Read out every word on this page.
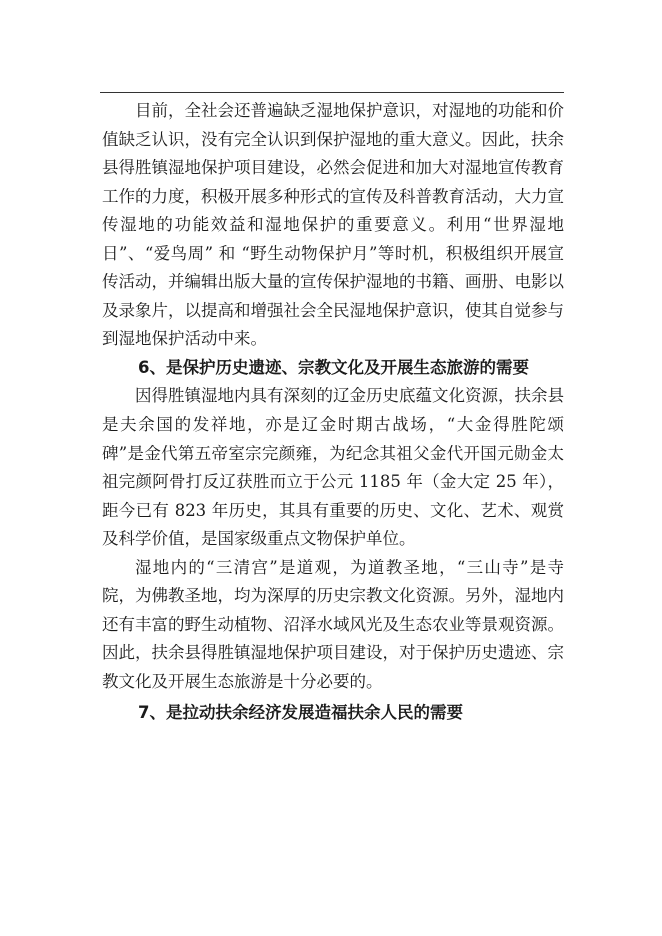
目前，全社会还普遍缺乏湿地保护意识，对湿地的功能和价值缺乏认识，没有完全认识到保护湿地的重大意义。因此，扶余县得胜镇湿地保护项目建设，必然会促进和加大对湿地宣传教育工作的力度，积极开展多种形式的宣传及科普教育活动，大力宣传湿地的功能效益和湿地保护的重要意义。利用“世界湿地日”、“爱鸟周” 和 “野生动物保护月”等时机，积极组织开展宣传活动，并编辑出版大量的宣传保护湿地的书籍、画册、电影以及录象片，以提高和增强社会全民湿地保护意识，使其自觉参与到湿地保护活动中来。

6、是保护历史遗迹、宗教文化及开展生态旅游的需要

因得胜镇湿地内具有深刻的辽金历史底蕴文化资源，扶余县是夫余国的发祥地，亦是辽金时期古战场，“大金得胜陀颂碑”是金代第五帝室宗完颜雍，为纪念其祖父金代开国元勋金太祖完颜阿骨打反辽获胜而立于公元 1185 年（金大定 25 年），距今已有 823 年历史，其具有重要的历史、文化、艺术、观赏及科学价值，是国家级重点文物保护单位。

湿地内的“三清宫”是道观，为道教圣地，“三山寺”是寺院，为佛教圣地，均为深厚的历史宗教文化资源。另外，湿地内还有丰富的野生动植物、沼泽水域风光及生态农业等景观资源。因此，扶余县得胜镇湿地保护项目建设，对于保护历史遗迹、宗教文化及开展生态旅游是十分必要的。

7、是拉动扶余经济发展造福扶余人民的需要
